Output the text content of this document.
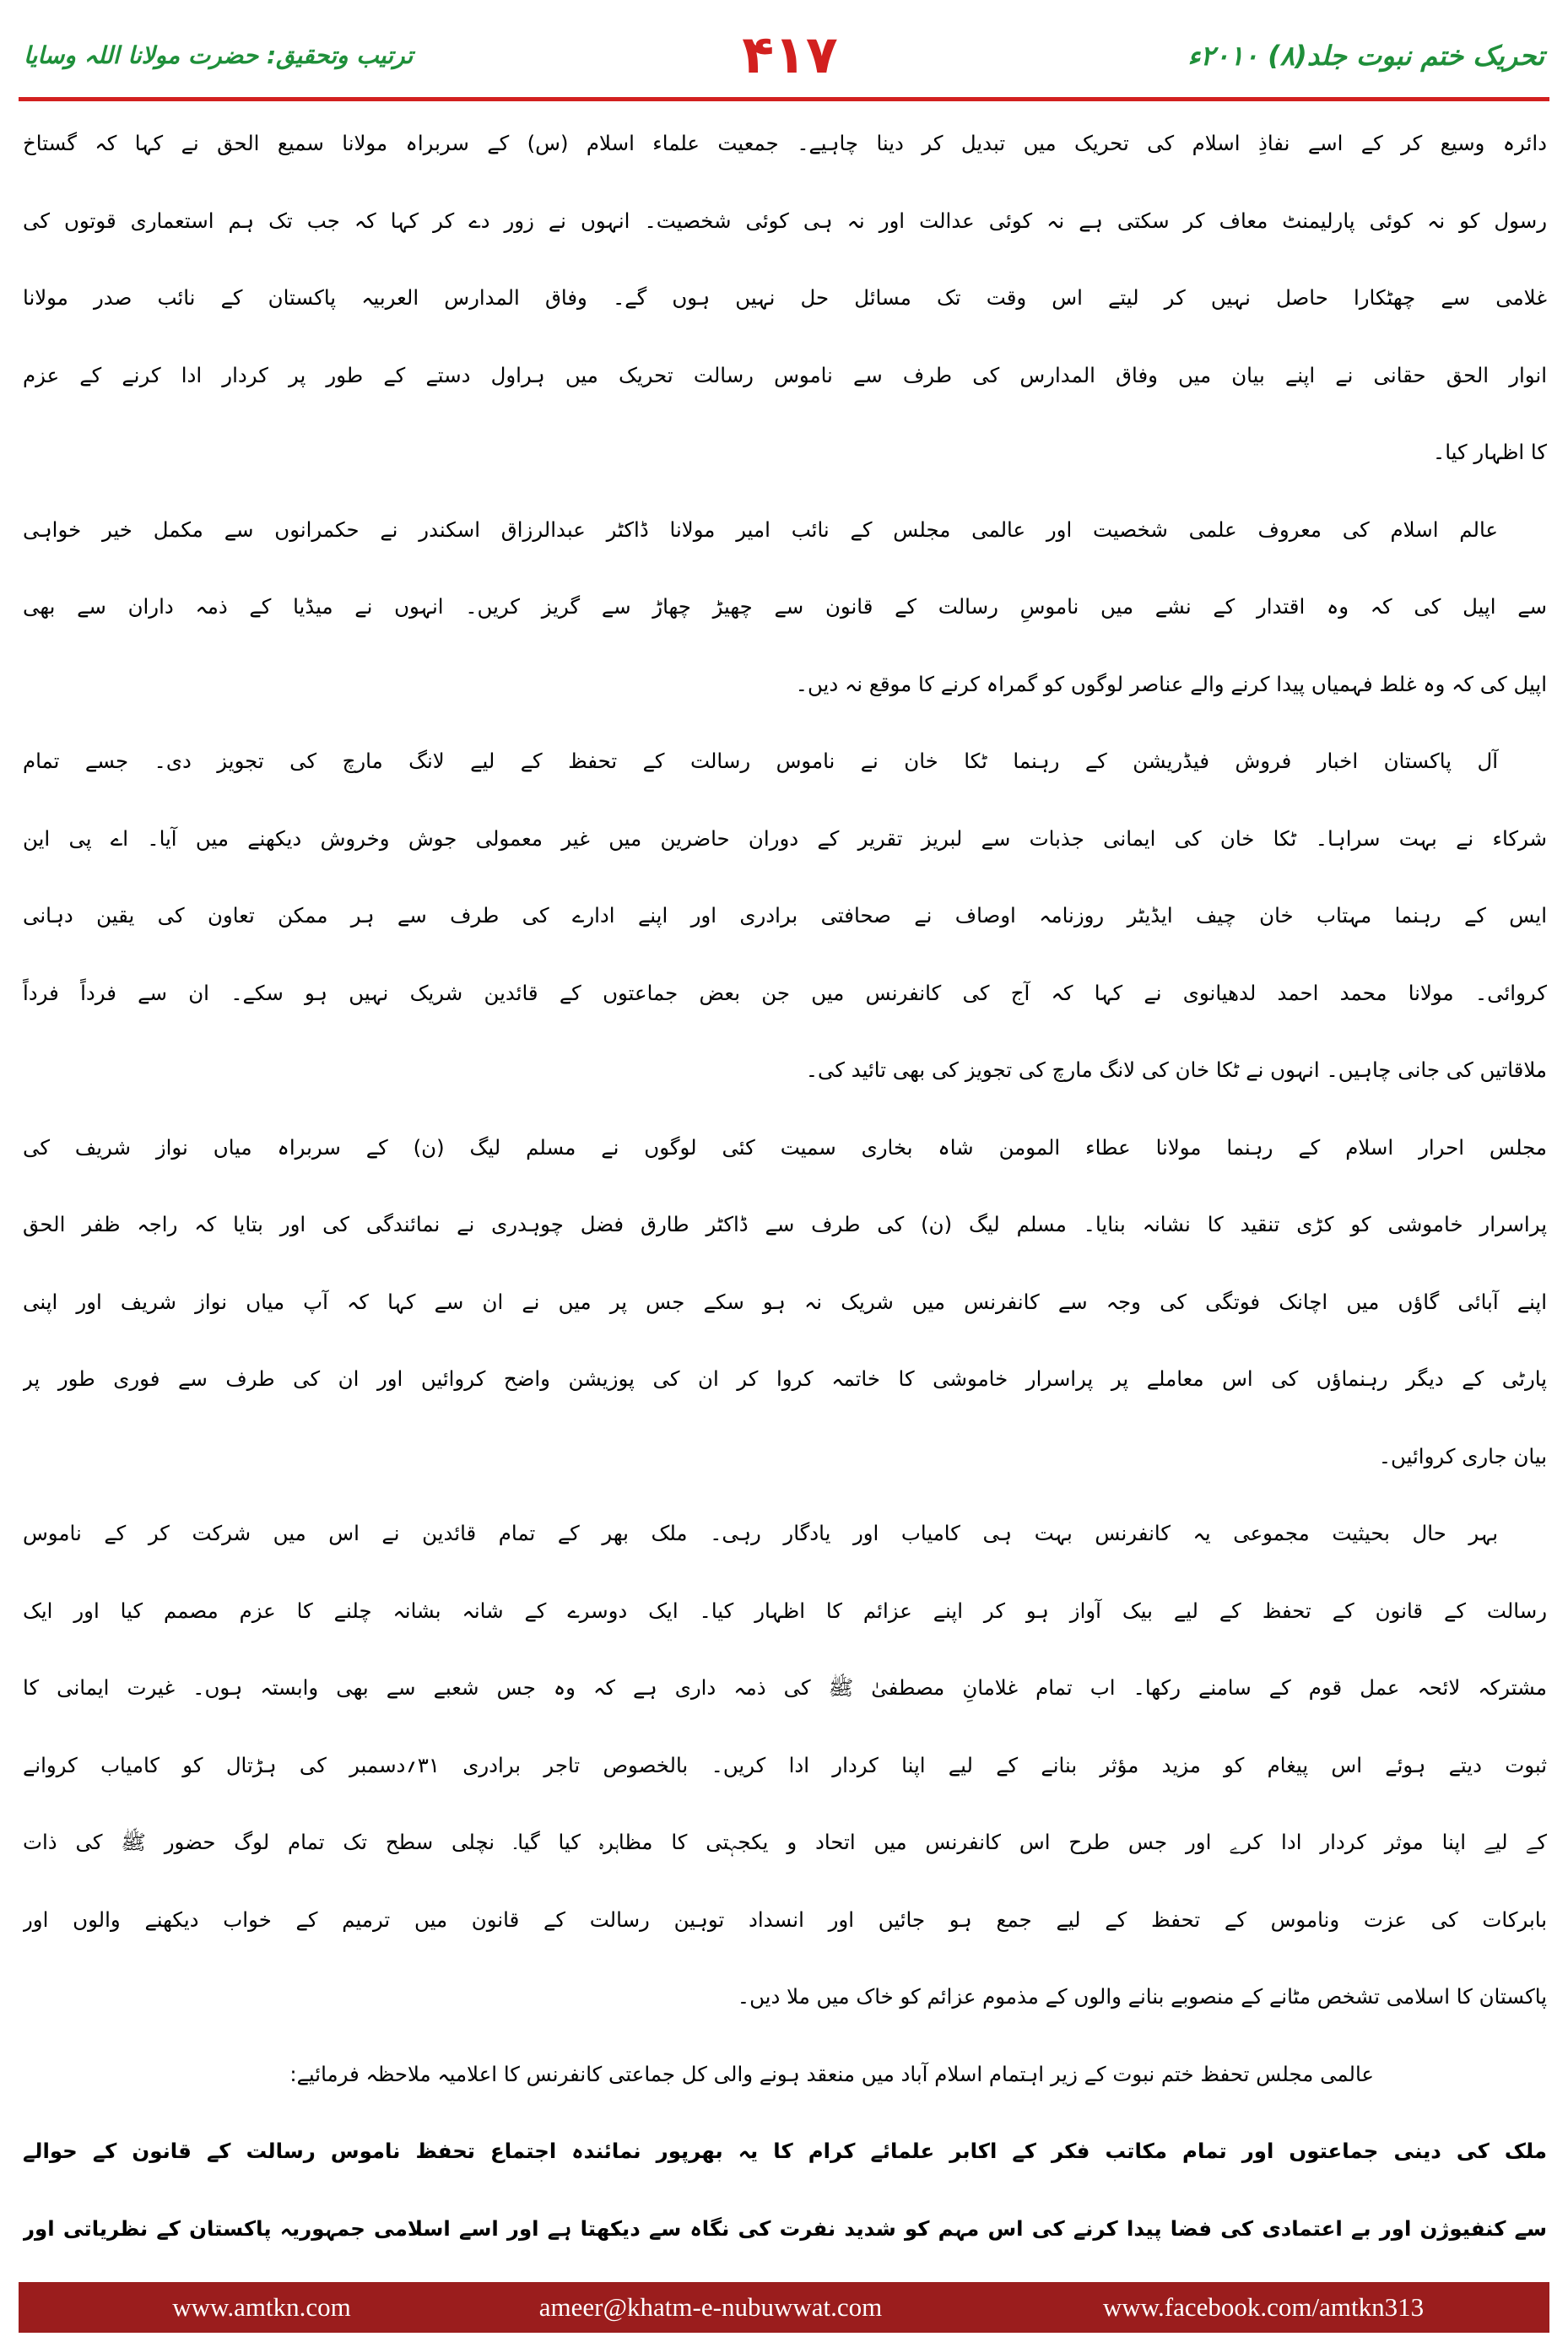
تحریک ختم نبوت جلد(۸) ۲۰۱۰ء
۴۱۷
ترتیب وتحقیق: حضرت مولانا اللہ وسایا

دائرہ وسیع کر کے اسے نفاذِ اسلام کی تحریک میں تبدیل کر دینا چاہیے۔ جمعیت علماء اسلام (س) کے سربراہ مولانا سمیع الحق نے کہا کہ گستاخ

رسول کو نہ کوئی پارلیمنٹ معاف کر سکتی ہے نہ کوئی عدالت اور نہ ہی کوئی شخصیت۔ انہوں نے زور دے کر کہا کہ جب تک ہم استعماری قوتوں کی

غلامی سے چھٹکارا حاصل نہیں کر لیتے اس وقت تک مسائل حل نہیں ہوں گے۔ وفاق المدارس العربیہ پاکستان کے نائب صدر مولانا

انوار الحق حقانی نے اپنے بیان میں وفاق المدارس کی طرف سے ناموس رسالت تحریک میں ہراول دستے کے طور پر کردار ادا کرنے کے عزم

کا اظہار کیا۔

عالم اسلام کی معروف علمی شخصیت اور عالمی مجلس کے نائب امیر مولانا ڈاکٹر عبدالرزاق اسکندر نے حکمرانوں سے مکمل خیر خواہی

سے اپیل کی کہ وہ اقتدار کے نشے میں ناموسِ رسالت کے قانون سے چھیڑ چھاڑ سے گریز کریں۔ انہوں نے میڈیا کے ذمہ داران سے بھی

اپیل کی کہ وہ غلط فہمیاں پیدا کرنے والے عناصر لوگوں کو گمراہ کرنے کا موقع نہ دیں۔

آل پاکستان اخبار فروش فیڈریشن کے رہنما ٹکا خان نے ناموس رسالت کے تحفظ کے لیے لانگ مارچ کی تجویز دی۔ جسے تمام

شرکاء نے بہت سراہا۔ ٹکا خان کی ایمانی جذبات سے لبریز تقریر کے دوران حاضرین میں غیر معمولی جوش وخروش دیکھنے میں آیا۔ اے پی این

ایس کے رہنما مہتاب خان چیف ایڈیٹر روزنامہ اوصاف نے صحافتی برادری اور اپنے ادارے کی طرف سے ہر ممکن تعاون کی یقین دہانی

کروائی۔ مولانا محمد احمد لدھیانوی نے کہا کہ آج کی کانفرنس میں جن بعض جماعتوں کے قائدین شریک نہیں ہو سکے۔ ان سے فرداً فرداً

ملاقاتیں کی جانی چاہیں۔ انہوں نے ٹکا خان کی لانگ مارچ کی تجویز کی بھی تائید کی۔

مجلس احرار اسلام کے رہنما مولانا عطاء المومن شاہ بخاری سمیت کئی لوگوں نے مسلم لیگ (ن) کے سربراہ میاں نواز شریف کی

پراسرار خاموشی کو کڑی تنقید کا نشانہ بنایا۔ مسلم لیگ (ن) کی طرف سے ڈاکٹر طارق فضل چوہدری نے نمائندگی کی اور بتایا کہ راجہ ظفر الحق

اپنے آبائی گاؤں میں اچانک فوتگی کی وجہ سے کانفرنس میں شریک نہ ہو سکے جس پر میں نے ان سے کہا کہ آپ میاں نواز شریف اور اپنی

پارٹی کے دیگر رہنماؤں کی اس معاملے پر پراسرار خاموشی کا خاتمہ کروا کر ان کی پوزیشن واضح کروائیں اور ان کی طرف سے فوری طور پر

بیان جاری کروائیں۔

بہر حال بحیثیت مجموعی یہ کانفرنس بہت ہی کامیاب اور یادگار رہی۔ ملک بھر کے تمام قائدین نے اس میں شرکت کر کے ناموس

رسالت کے قانون کے تحفظ کے لیے بیک آواز ہو کر اپنے عزائم کا اظہار کیا۔ ایک دوسرے کے شانہ بشانہ چلنے کا عزم مصمم کیا اور ایک

مشترکہ لائحہ عمل قوم کے سامنے رکھا۔ اب تمام غلامانِ مصطفیٰ ﷺ کی ذمہ داری ہے کہ وہ جس شعبے سے بھی وابستہ ہوں۔ غیرت ایمانی کا

ثبوت دیتے ہوئے اس پیغام کو مزید مؤثر بنانے کے لیے اپنا کردار ادا کریں۔ بالخصوص تاجر برادری ۳۱؍دسمبر کی ہڑتال کو کامیاب کروانے

کے لیے اپنا موثر کردار ادا کرے اور جس طرح اس کانفرنس میں اتحاد و یکجہتی کا مظاہرہ کیا گیا۔ نچلی سطح تک تمام لوگ حضور ﷺ کی ذات

بابرکات کی عزت وناموس کے تحفظ کے لیے جمع ہو جائیں اور انسداد توہین رسالت کے قانون میں ترمیم کے خواب دیکھنے والوں اور

پاکستان کا اسلامی تشخص مٹانے کے منصوبے بنانے والوں کے مذموم عزائم کو خاک میں ملا دیں۔

عالمی مجلس تحفظ ختم نبوت کے زیر اہتمام اسلام آباد میں منعقد ہونے والی کل جماعتی کانفرنس کا اعلامیہ ملاحظہ فرمائیے:

ملک کی دینی جماعتوں اور تمام مکاتب فکر کے اکابر علمائے کرام کا یہ بھرپور نمائندہ اجتماع تحفظ ناموس رسالت کے قانون کے حوالے

سے کنفیوژن اور بے اعتمادی کی فضا پیدا کرنے کی اس مہم کو شدید نفرت کی نگاہ سے دیکھتا ہے اور اسے اسلامی جمہوریہ پاکستان کے نظریاتی اور

www.amtkn.com	ameer@khatm-e-nubuwwat.com	www.facebook.com/amtkn313
